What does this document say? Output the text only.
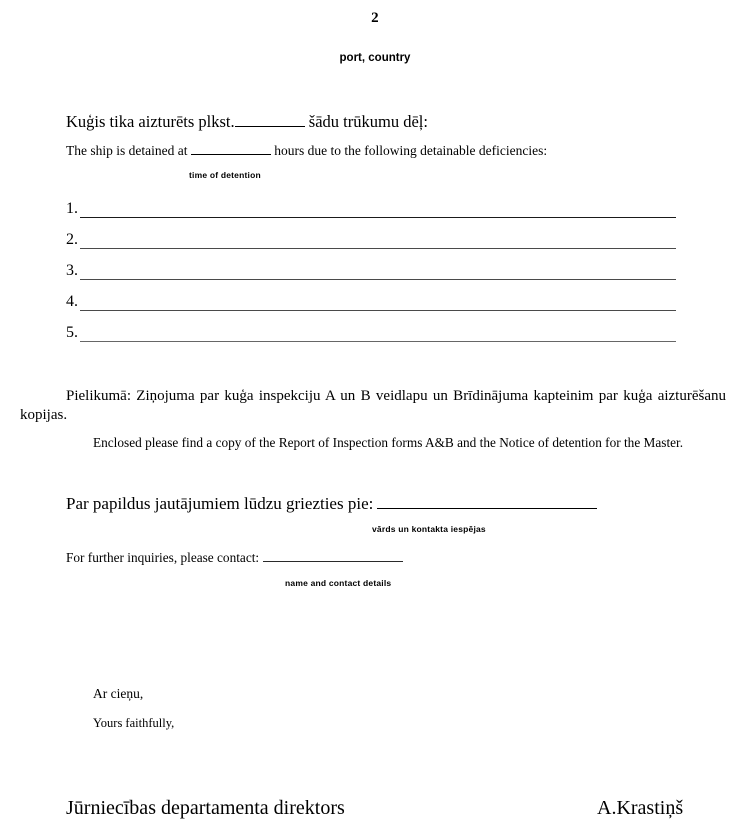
2
port, country
Kuģis tika aizturēts plkst.	šādu trūkumu dēļ:
The ship is detained at	hours due to the following detainable deficiencies:
time of detention
1.
2.
3.
4.
5.
Pielikumā: Ziņojuma par kuģa inspekciju A un B veidlapu un Brīdinājuma kapteinim par kuģa aizturēšanu kopijas.
Enclosed please find a copy of the Report of Inspection forms A&B and the Notice of detention for the Master.
Par papildus jautājumiem lūdzu griezties pie:
vārds un kontakta iespējas
For further inquiries, please contact:
name and contact details
Ar cieņu,
Yours faithfully,
Jūrniecības departamenta direktors	A.Krastiņš
